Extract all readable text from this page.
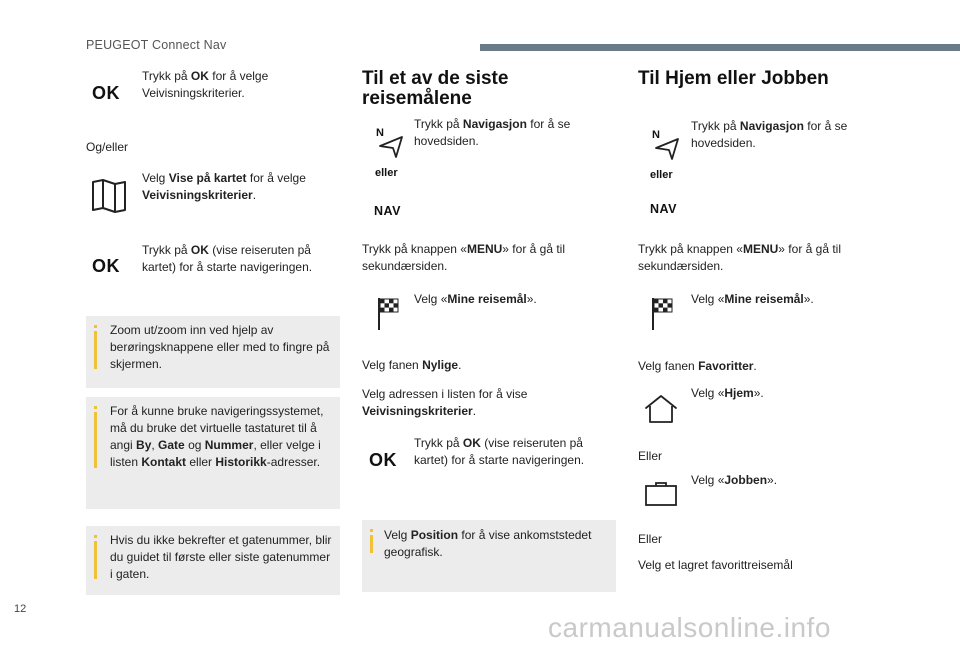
PEUGEOT Connect Nav
OK
Trykk på OK for å velge
Veivisningskriterier.
Og/eller
Velg Vise på kartet for å velge
Veivisningskriterier.
OK
Trykk på OK (vise reiseruten på
kartet) for å starte navigeringen.
Zoom ut/zoom inn ved hjelp av
berøringsknappene eller med to fingre på
skjermen.
For å kunne bruke navigeringssystemet,
må du bruke det virtuelle tastaturet til å
angi By, Gate og Nummer, eller velge i
listen Kontakt eller Historikk-adresser.
Hvis du ikke bekrefter et gatenummer, blir
du guidet til første eller siste gatenummer
i gaten.
Til et av de siste
reisemålene
N
Trykk på Navigasjon for å se
hovedsiden.
eller
NAV
Trykk på knappen «MENU» for å gå til
sekundærsiden.
Velg «Mine reisemål».
Velg fanen Nylige.
Velg adressen i listen for å vise
Veivisningskriterier.
OK
Trykk på OK (vise reiseruten på
kartet) for å starte navigeringen.
Velg Position for å vise ankomststedet
geografisk.
Til Hjem eller Jobben
N
Trykk på Navigasjon for å se
hovedsiden.
eller
NAV
Trykk på knappen «MENU» for å gå til
sekundærsiden.
Velg «Mine reisemål».
Velg fanen Favoritter.
Velg «Hjem».
Eller
Velg «Jobben».
Eller
Velg et lagret favorittreisemål
12
carmanualsonline.info
